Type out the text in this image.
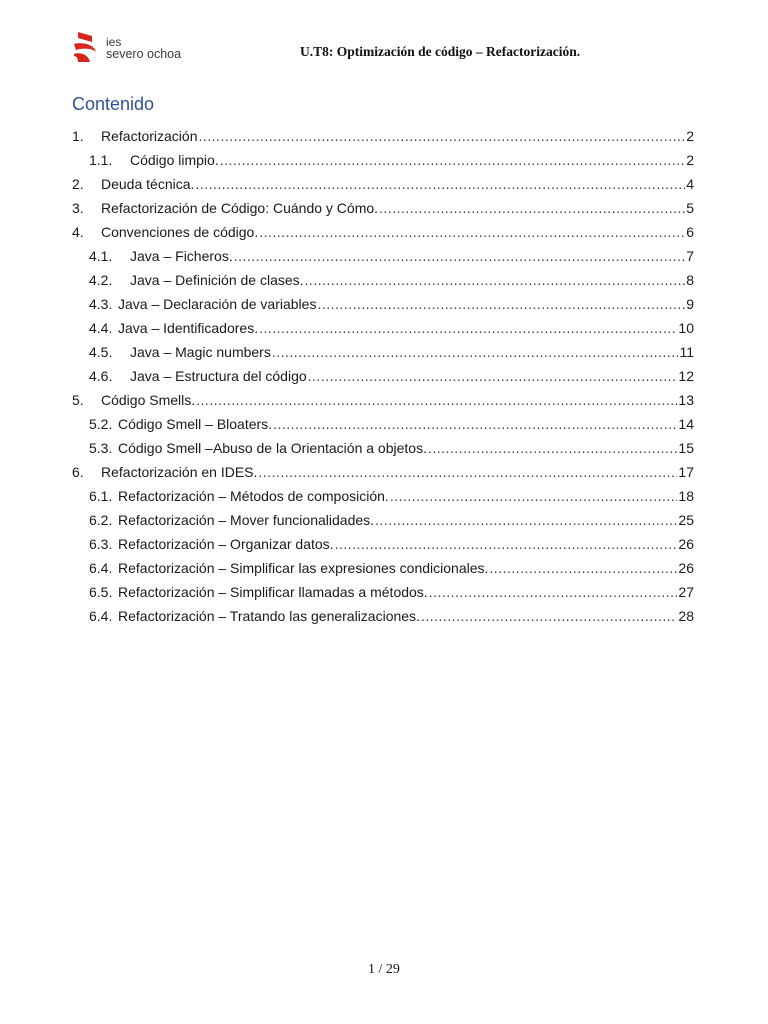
ies
severo ochoa	U.T8: Optimización de código – Refactorización.
Contenido
1.	Refactorización .....	2
1.1.	Código limpio. .....	2
2.	Deuda técnica. .....	4
3.	Refactorización de Código: Cuándo y Cómo. .....	5
4.	Convenciones de código. .....	6
4.1.	Java – Ficheros. .....	7
4.2.	Java – Definición de clases. .....	8
4.3. Java – Declaración de variables .....	9
4.4. Java – Identificadores. .....	10
4.5.	Java – Magic numbers .....	11
4.6.	Java – Estructura del código .....	12
5.	Código Smells. .....	13
5.2. Código Smell – Bloaters. .....	14
5.3. Código Smell –Abuso de la Orientación a objetos. .....	15
6.	Refactorización en IDES. .....	17
6.1. Refactorización – Métodos de composición. .....	18
6.2. Refactorización – Mover funcionalidades. .....	25
6.3. Refactorización – Organizar datos. .....	26
6.4. Refactorización – Simplificar las expresiones condicionales. .....	26
6.5. Refactorización – Simplificar llamadas a métodos. .....	27
6.4. Refactorización – Tratando las generalizaciones. .....	28
1 / 29
